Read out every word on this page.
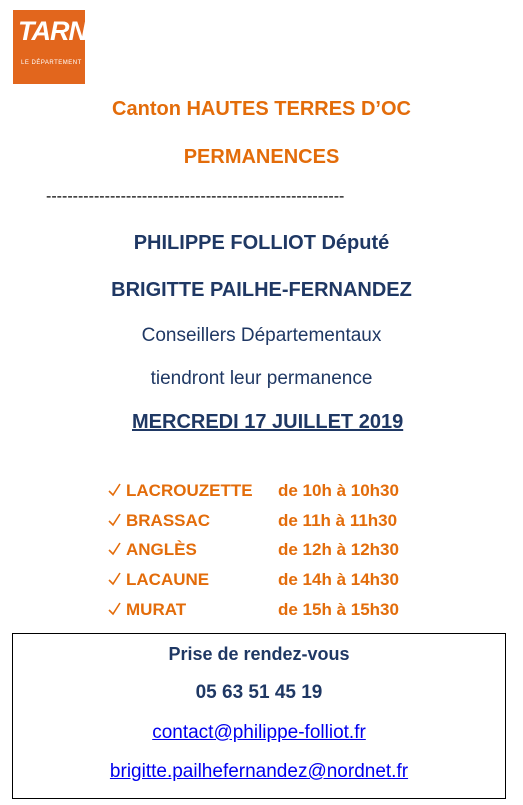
TARN
LE DÉPARTEMENT
Canton HAUTES TERRES D’OC
PERMANENCES
--------------------------------------------------------
PHILIPPE FOLLIOT Député
BRIGITTE PAILHE-FERNANDEZ
Conseillers Départementaux
tiendront leur permanence
MERCREDI 17 JUILLET 2019
LACROUZETTE de 10h à 10h30
BRASSAC	de 11h à 11h30
ANGLÈS	de 12h à 12h30
LACAUNE	de 14h à 14h30
MURAT	de 15h à 15h30
Prise de rendez-vous
05 63 51 45 19
contact@philippe-folliot.fr
brigitte.pailhefernandez@nordnet.fr
